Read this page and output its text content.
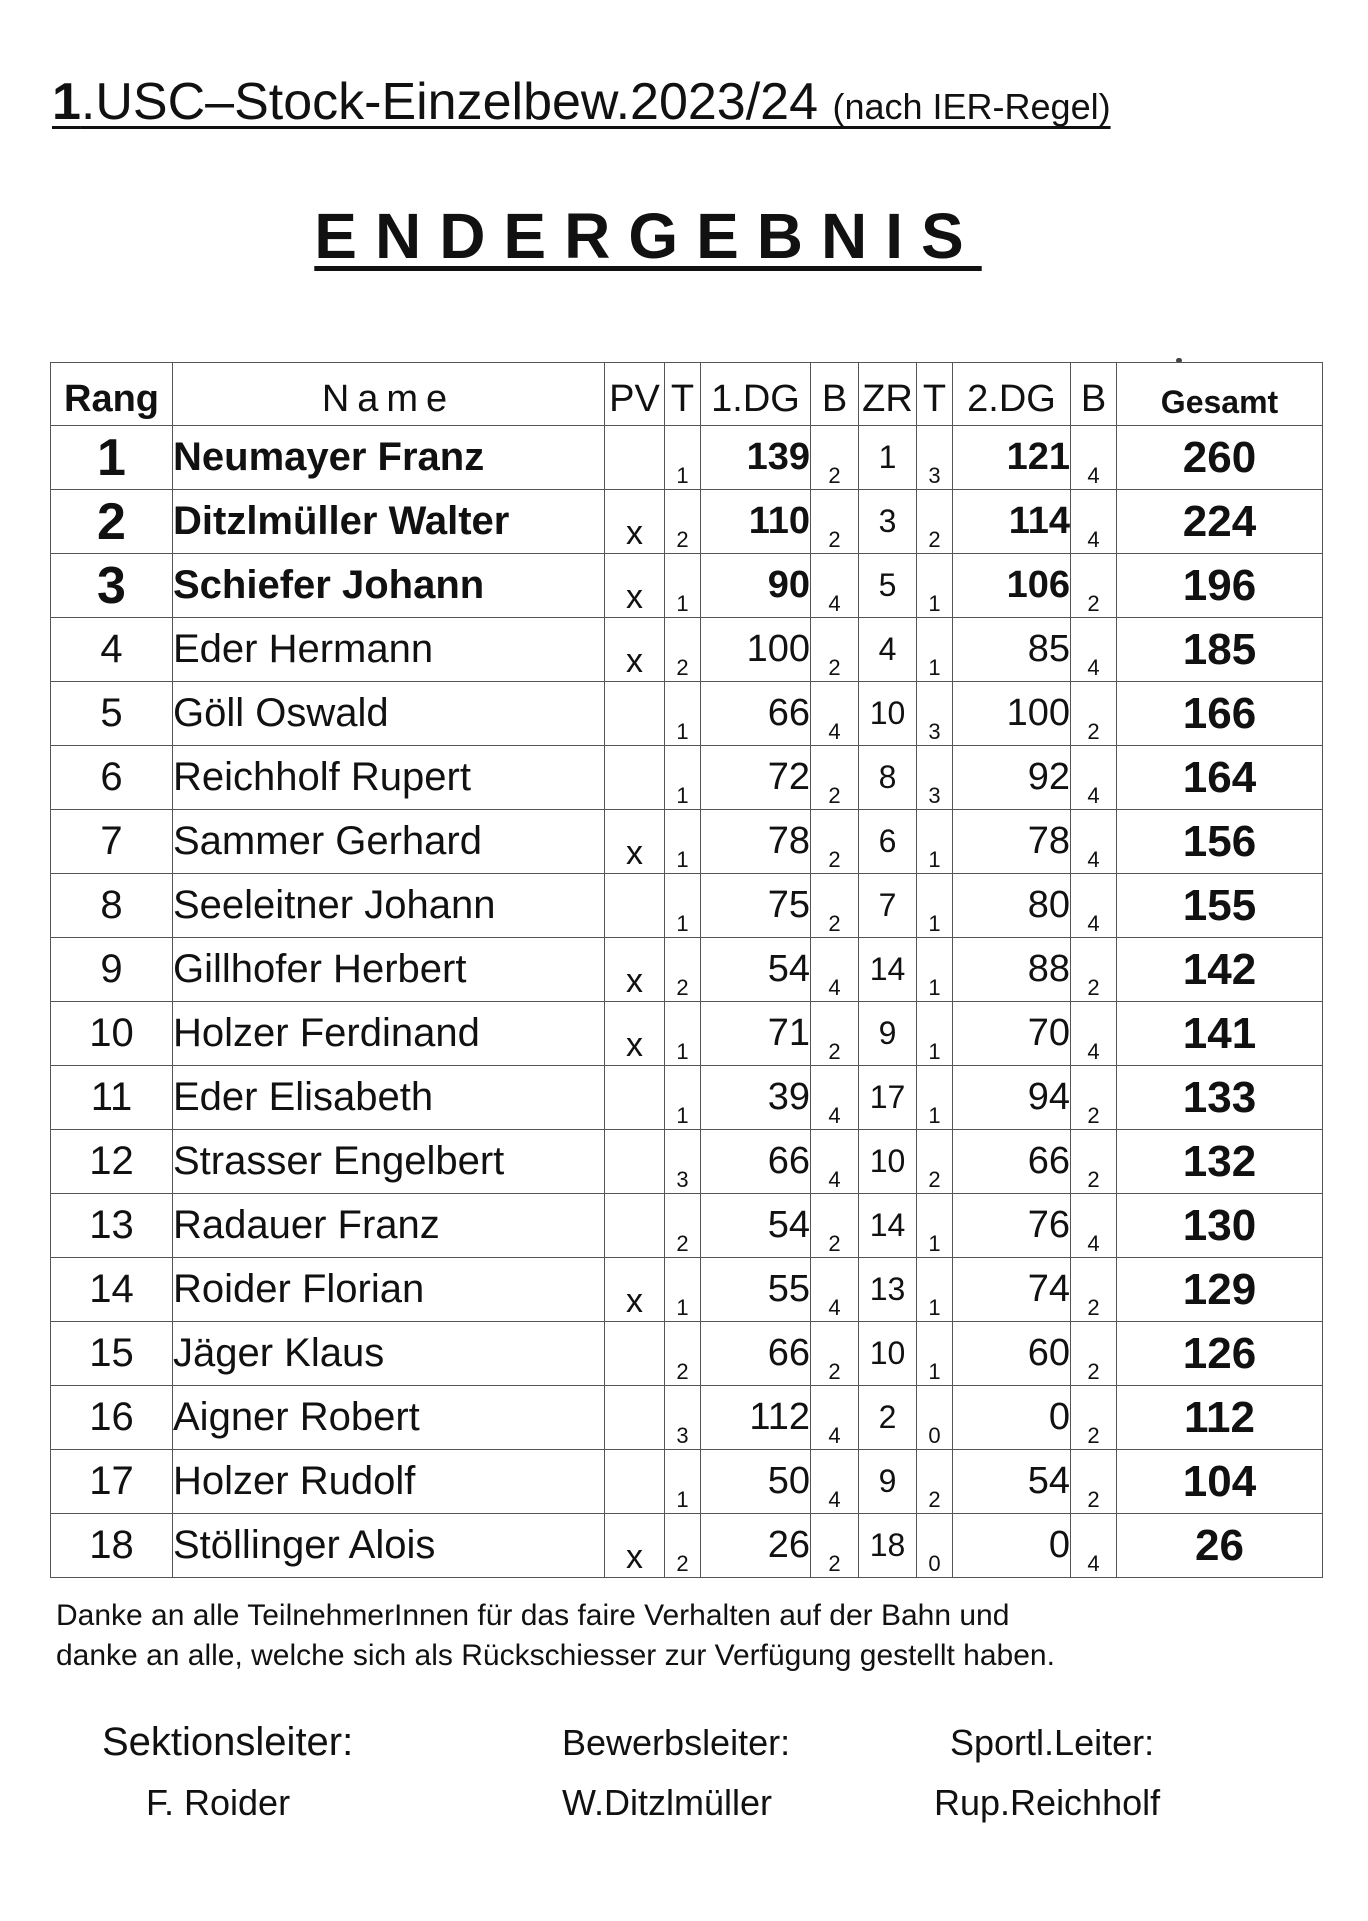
1.USC–Stock-Einzelbew.2023/24 (nach IER-Regel)
ENDERGEBNIS
Rang	Name	PV	T	1.DG	B	ZR	T	2.DG	B	Gesamt
1	Neumayer Franz		1	139	2	1	3	121	4	260
2	Ditzlmüller Walter	x	2	110	2	3	2	114	4	224
3	Schiefer Johann	x	1	90	4	5	1	106	2	196
4	Eder Hermann	x	2	100	2	4	1	85	4	185
5	Göll Oswald		1	66	4	10	3	100	2	166
6	Reichholf Rupert		1	72	2	8	3	92	4	164
7	Sammer Gerhard	x	1	78	2	6	1	78	4	156
8	Seeleitner Johann		1	75	2	7	1	80	4	155
9	Gillhofer Herbert	x	2	54	4	14	1	88	2	142
10	Holzer Ferdinand	x	1	71	2	9	1	70	4	141
11	Eder Elisabeth		1	39	4	17	1	94	2	133
12	Strasser Engelbert		3	66	4	10	2	66	2	132
13	Radauer Franz		2	54	2	14	1	76	4	130
14	Roider Florian	x	1	55	4	13	1	74	2	129
15	Jäger Klaus		2	66	2	10	1	60	2	126
16	Aigner Robert		3	112	4	2	0	0	2	112
17	Holzer Rudolf		1	50	4	9	2	54	2	104
18	Stöllinger Alois	x	2	26	2	18	0	0	4	26
Danke an alle TeilnehmerInnen für das faire Verhalten auf der Bahn und
danke an alle, welche sich als Rückschiesser zur Verfügung gestellt haben.
Sektionsleiter:
F. Roider
Bewerbsleiter:
W.Ditzlmüller
Sportl.Leiter:
Rup.Reichholf
